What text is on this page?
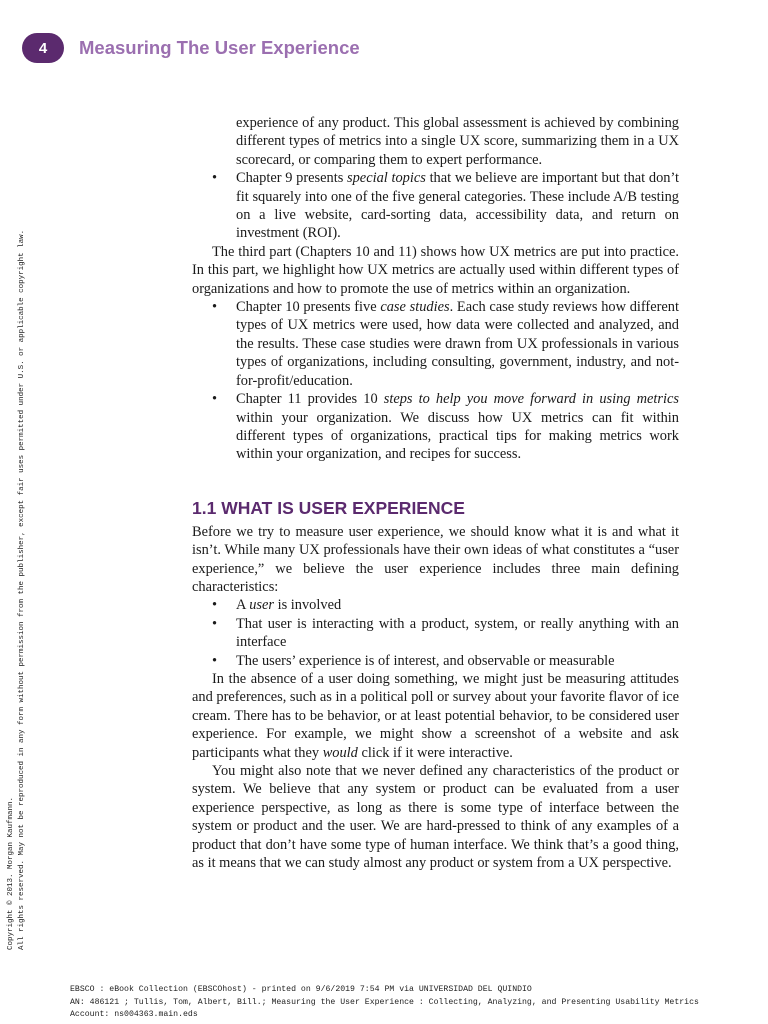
4	Measuring The User Experience
Copyright © 2013. Morgan Kaufmann. All rights reserved. May not be reproduced in any form without permission from the publisher, except fair uses permitted under U.S. or applicable copyright law.
experience of any product. This global assessment is achieved by combining different types of metrics into a single UX score, summarizing them in a UX scorecard, or comparing them to expert performance.
• Chapter 9 presents special topics that we believe are important but that don’t fit squarely into one of the five general categories. These include A/B testing on a live website, card-sorting data, accessibility data, and return on investment (ROI).

The third part (Chapters 10 and 11) shows how UX metrics are put into practice. In this part, we highlight how UX metrics are actually used within different types of organizations and how to promote the use of metrics within an organization.

• Chapter 10 presents five case studies. Each case study reviews how different types of UX metrics were used, how data were collected and analyzed, and the results. These case studies were drawn from UX professionals in various types of organizations, including consulting, government, industry, and not-for-profit/education.
• Chapter 11 provides 10 steps to help you move forward in using metrics within your organization. We discuss how UX metrics can fit within different types of organizations, practical tips for making metrics work within your organization, and recipes for success.
1.1 WHAT IS USER EXPERIENCE

Before we try to measure user experience, we should know what it is and what it isn’t. While many UX professionals have their own ideas of what constitutes a “user experience,” we believe the user experience includes three main defining characteristics:

• A user is involved
• That user is interacting with a product, system, or really anything with an interface
• The users’ experience is of interest, and observable or measurable

In the absence of a user doing something, we might just be measuring attitudes and preferences, such as in a political poll or survey about your favorite flavor of ice cream. There has to be behavior, or at least potential behavior, to be considered user experience. For example, we might show a screenshot of a website and ask participants what they would click if it were interactive.

You might also note that we never defined any characteristics of the product or system. We believe that any system or product can be evaluated from a user experience perspective, as long as there is some type of interface between the system or product and the user. We are hard-pressed to think of any examples of a product that don’t have some type of human interface. We think that’s a good thing, as it means that we can study almost any product or system from a UX perspective.

EBSCO : eBook Collection (EBSCOhost) - printed on 9/6/2019 7:54 PM via UNIVERSIDAD DEL QUINDIO
AN: 486121 ; Tullis, Tom, Albert, Bill.; Measuring the User Experience : Collecting, Analyzing, and Presenting Usability Metrics
Account: ns004363.main.eds
